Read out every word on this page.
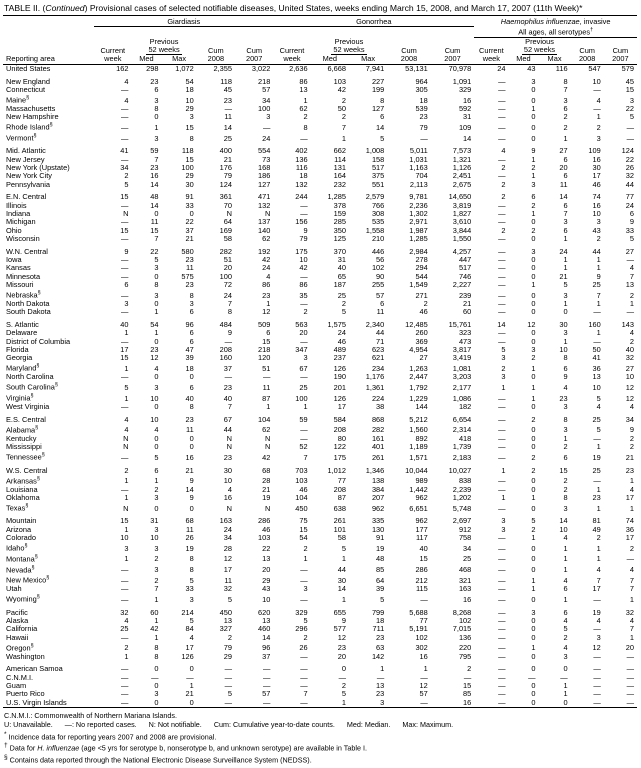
TABLE II. (Continued) Provisional cases of selected notifiable diseases, United States, weeks ending March 15, 2008, and March 17, 2007 (11th Week)*

	Giardiasis					Gonorrhea					Haemophilus influenzae, invasive				
											All ages, all serotypes†
		Previous					Previous					Previous			
	Current	52 weeks		Cum	Cum	Current	52 weeks		Cum	Cum	Current	52 weeks		Cum	Cum
Reporting area	week	Med	Max	2008	2007	week	Med	Max	2008	2007	week	Med	Max	2008	2007

United States	162	298	1,072	2,355	3,022	2,636	6,668	7,941	53,131	70,978	24	43	116	547	579

New England	4	23	54	118	218	86	103	227	964	1,091	—	3	8	10	45
Connecticut	—	6	18	45	57	13	42	199	305	329	—	0	7	—	15
Maine§	4	3	10	23	34	1	2	8	18	16	—	0	3	4	3
Massachusetts	—	8	29	—	100	62	50	127	539	592	—	1	6	—	22
New Hampshire	—	0	3	11	3	2	2	6	23	31	—	0	2	1	5
Rhode Island§	—	1	15	14	—	8	7	14	79	109	—	0	2	2	—
Vermont§	—	3	8	25	24	—	1	5	—	14	—	0	1	3	—

Mid. Atlantic	41	59	118	400	554	402	662	1,008	5,011	7,573	4	9	27	109	124
New Jersey	—	7	15	21	73	136	114	158	1,031	1,321	—	1	6	16	22
New York (Upstate)	34	23	100	176	168	116	131	517	1,163	1,126	2	2	20	30	26
New York City	2	16	29	79	186	18	164	375	704	2,451	—	1	6	17	32
Pennsylvania	5	14	30	124	127	132	232	551	2,113	2,675	2	3	11	46	44

E.N. Central	15	48	91	361	471	244	1,285	2,579	9,781	14,650	2	6	14	74	77
Illinois	—	14	33	70	132	—	378	766	2,236	3,819	—	2	6	16	24
Indiana	N	0	0	N	N	—	159	308	1,302	1,827	—	1	7	10	6
Michigan	—	11	22	64	137	156	285	535	2,971	3,610	—	0	3	3	9
Ohio	15	15	37	169	140	9	350	1,558	1,987	3,844	2	2	6	43	33
Wisconsin	—	7	21	58	62	79	125	210	1,285	1,550	—	0	1	2	5

W.N. Central	9	22	580	282	192	175	370	446	2,984	4,257	—	3	24	44	27
Iowa	—	5	23	51	42	10	31	56	278	447	—	0	1	1	—
Kansas	—	3	11	20	24	42	40	102	294	517	—	0	1	1	4
Minnesota	—	0	575	100	4	—	65	90	544	746	—	0	21	9	7
Missouri	6	8	23	72	86	86	187	255	1,549	2,227	—	1	5	25	13
Nebraska§	—	3	8	24	23	35	25	57	271	239	—	0	3	7	2
North Dakota	3	0	3	7	1	—	2	6	2	21	—	0	1	1	1
South Dakota	—	1	6	8	12	2	5	11	46	60	—	0	0	—	—

S. Atlantic	40	54	96	484	509	563	1,575	2,340	12,485	15,761	14	12	30	160	143
Delaware	1	1	6	9	6	20	24	44	260	323	—	0	3	1	4
District of Columbia	—	0	6	—	15	—	46	71	369	473	—	0	1	—	2
Florida	17	23	47	208	218	347	489	623	4,954	3,817	5	3	10	50	40
Georgia	15	12	39	160	120	3	237	621	27	3,419	3	2	8	41	32
Maryland§	1	4	18	37	51	67	126	234	1,263	1,081	2	1	6	36	27
North Carolina	—	0	0	—	—	—	190	1,176	2,447	3,203	3	0	9	13	10
South Carolina§	5	3	6	23	11	25	201	1,361	1,792	2,177	1	1	4	10	12
Virginia§	1	10	40	40	87	100	126	224	1,229	1,086	—	1	23	5	12
West Virginia	—	0	8	7	1	1	17	38	144	182	—	0	3	4	4

E.S. Central	4	10	23	67	104	59	584	868	5,212	6,654	—	2	8	25	34
Alabama§	4	4	11	44	62	—	208	282	1,560	2,314	—	0	3	5	9
Kentucky	N	0	0	N	N	—	80	161	892	418	—	0	1	—	2
Mississippi	N	0	0	N	N	52	122	401	1,189	1,739	—	0	2	1	2
Tennessee§	—	5	16	23	42	7	175	261	1,571	2,183	—	2	6	19	21

W.S. Central	2	6	21	30	68	703	1,012	1,346	10,044	10,027	1	2	15	25	23
Arkansas§	1	1	9	10	28	103	77	138	989	838	—	0	2	—	1
Louisiana	—	2	14	4	21	46	208	384	1,442	2,239	—	0	2	1	4
Oklahoma	1	3	9	16	19	104	87	207	962	1,202	1	1	8	23	17
Texas§	N	0	0	N	N	450	638	962	6,651	5,748	—	0	3	1	1

Mountain	15	31	68	163	286	75	261	335	962	2,697	3	5	14	81	74
Arizona	1	3	11	24	46	15	101	130	177	912	3	2	10	49	36
Colorado	10	10	26	34	103	54	58	91	117	758	—	1	4	2	17
Idaho§	3	3	19	28	22	2	5	19	40	34	—	0	1	1	2
Montana§	1	2	8	12	13	1	1	48	15	25	—	0	1	1	—
Nevada§	—	3	8	17	20	—	44	85	286	468	—	0	1	4	4
New Mexico§	—	2	5	11	29	—	30	64	212	321	—	1	4	7	7
Utah	—	7	33	32	43	3	14	39	115	163	—	1	6	17	7
Wyoming§	—	1	3	5	10	—	1	5	—	16	—	0	1	—	1

Pacific	32	60	214	450	620	329	655	799	5,688	8,268	—	3	6	19	32
Alaska	4	1	5	13	13	5	9	18	77	102	—	0	4	4	4
California	25	42	84	327	460	296	577	711	5,191	7,015	—	0	5	—	7
Hawaii	—	1	4	2	14	2	12	23	102	136	—	0	2	3	1
Oregon§	2	8	17	79	96	26	23	63	302	220	—	1	4	12	20
Washington	1	8	126	29	37	—	20	142	16	795	—	0	3	—	—

American Samoa	—	0	0	—	—	—	0	1	1	2	—	0	0	—	—
C.N.M.I.	—	—	—	—	—	—	—	—	—	—	—	—	—	—	—
Guam	—	0	1	—	—	—	2	13	12	15	—	0	1	—	—
Puerto Rico	—	3	21	5	57	7	5	23	57	85	—	0	1	—	—
U.S. Virgin Islands	—	0	0	—	—	—	1	3	—	16	—	0	0	—	—

C.N.M.I.: Commonwealth of Northern Mariana Islands.
U: Unavailable. —: No reported cases. N: Not notifiable. Cum: Cumulative year-to-date counts. Med: Median. Max: Maximum.
* Incidence data for reporting years 2007 and 2008 are provisional.
† Data for H. influenzae (age <5 yrs for serotype b, nonserotype b, and unknown serotype) are available in Table I.
§ Contains data reported through the National Electronic Disease Surveillance System (NEDSS).
